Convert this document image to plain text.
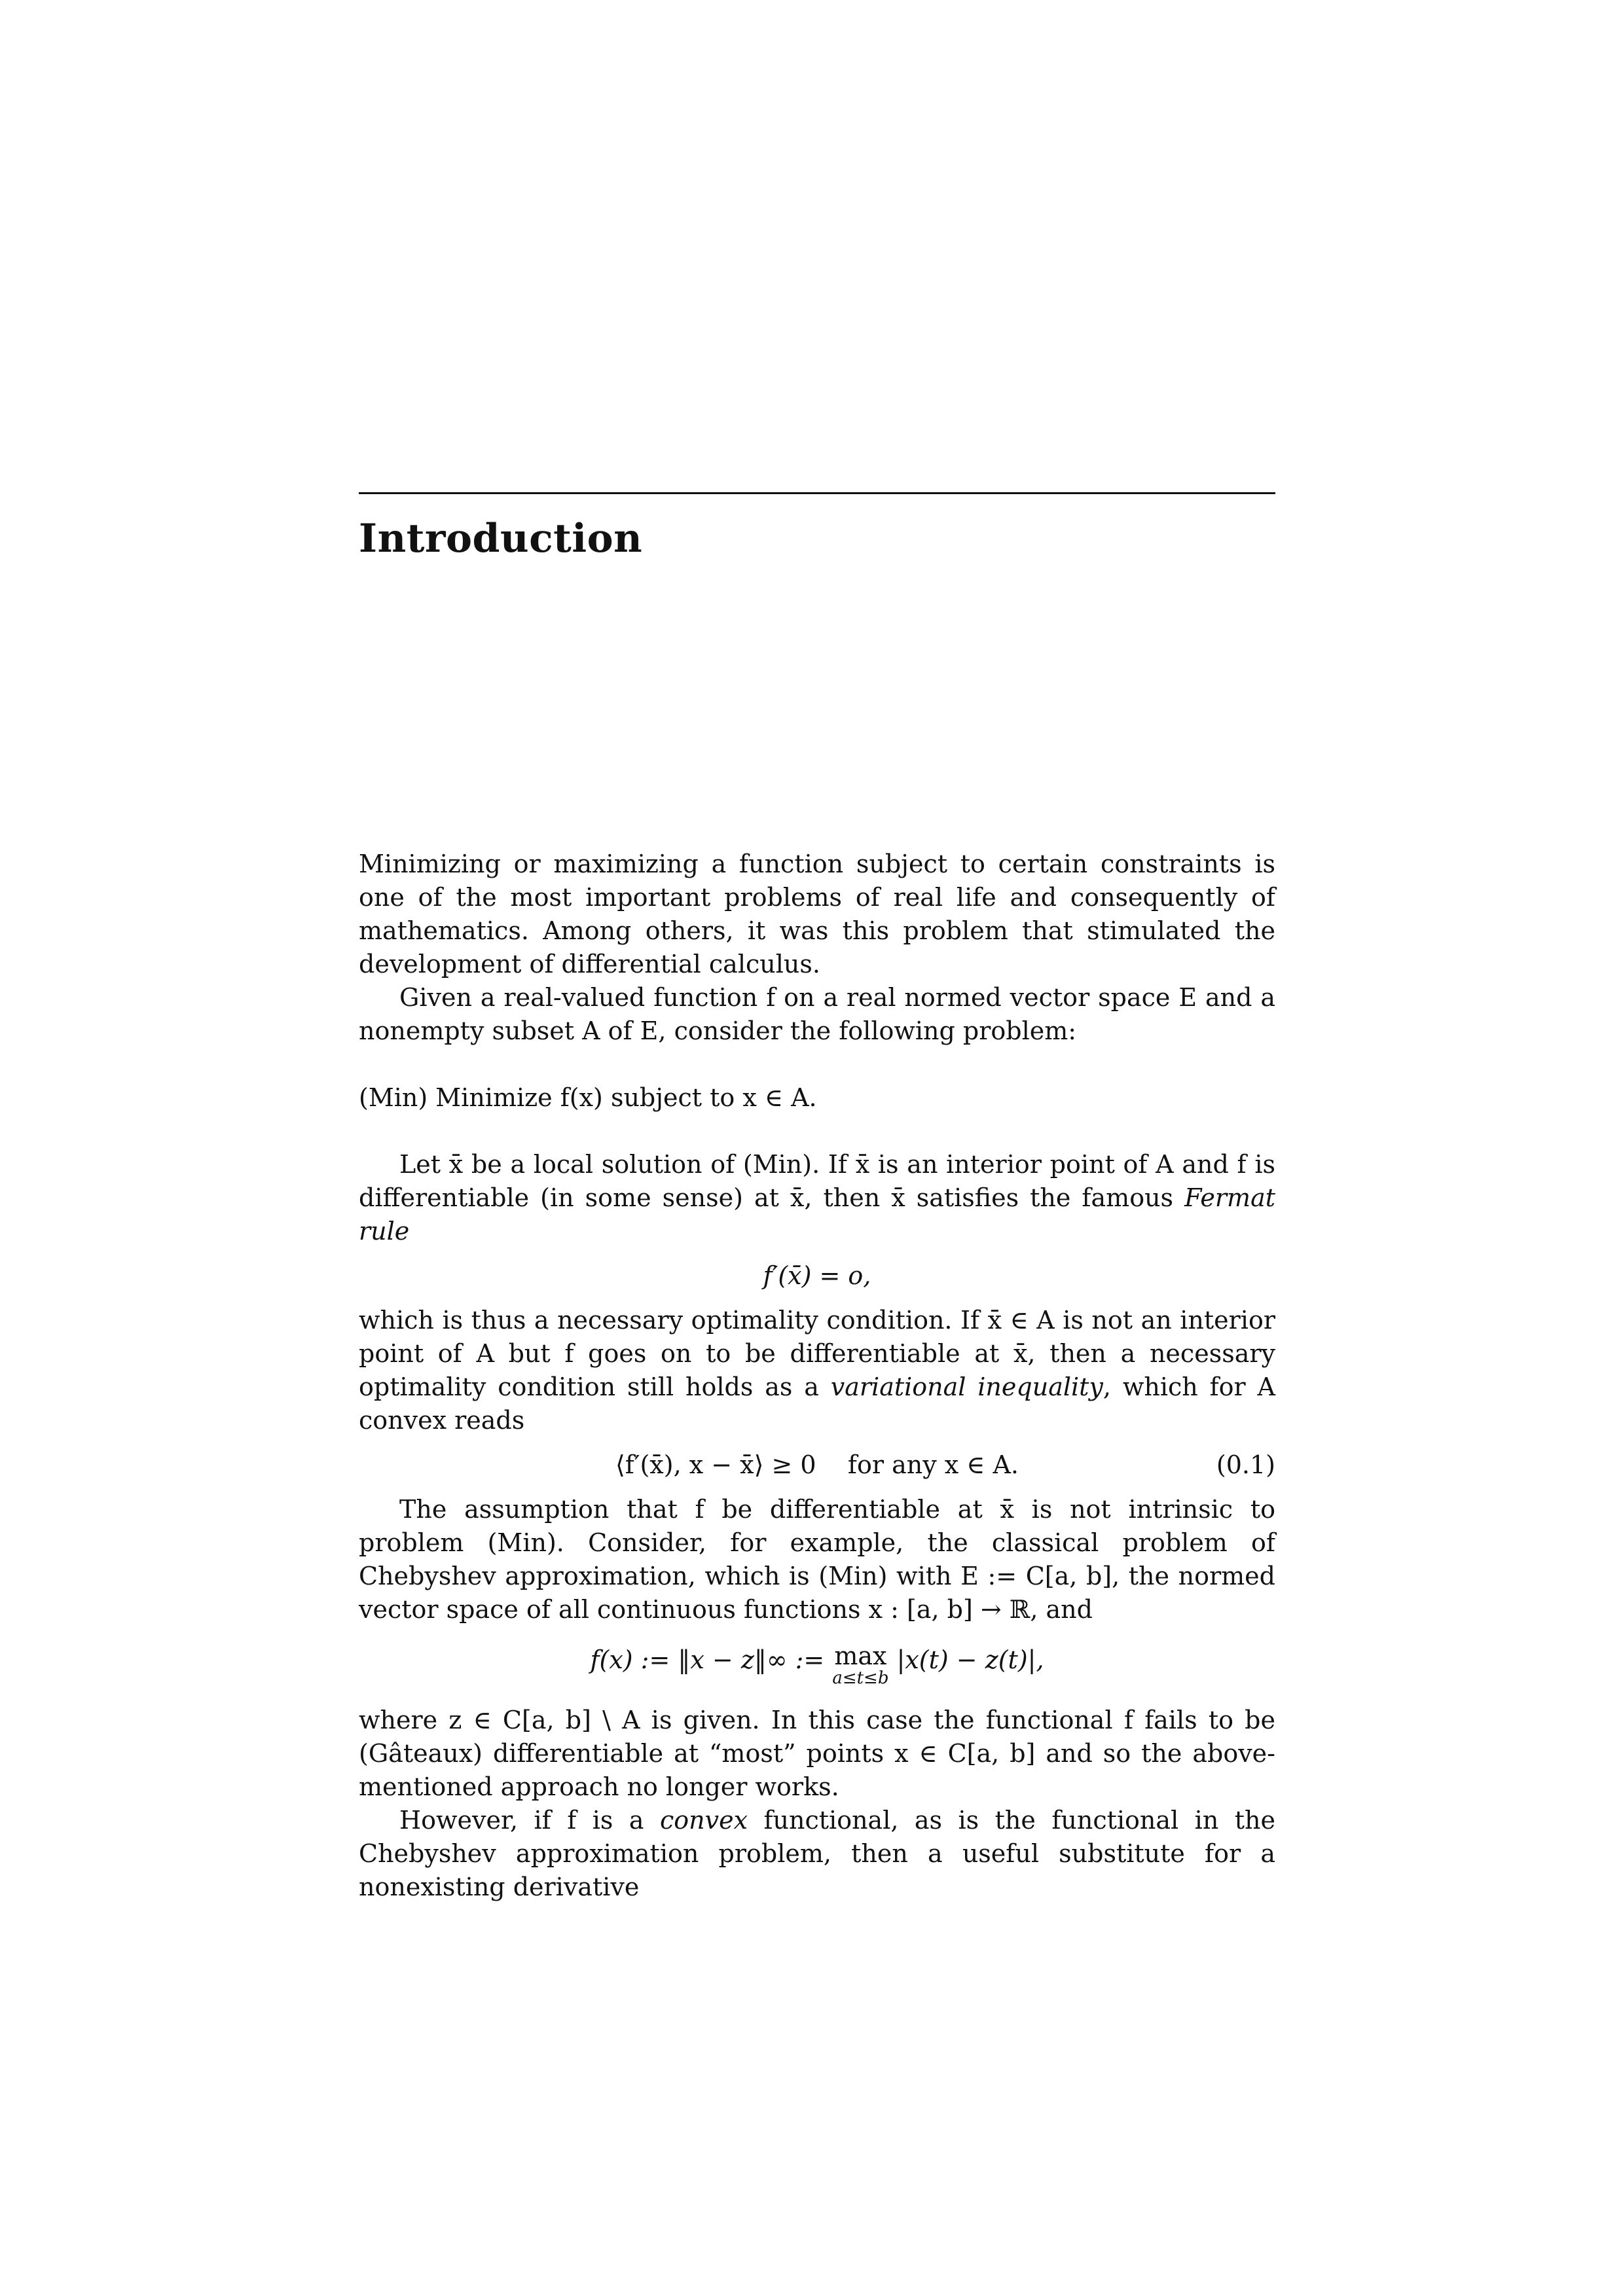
Introduction

Minimizing or maximizing a function subject to certain constraints is one of the most important problems of real life and consequently of mathematics. Among others, it was this problem that stimulated the development of differential calculus.

Given a real-valued function f on a real normed vector space E and a nonempty subset A of E, consider the following problem:

(Min) Minimize f(x) subject to x ∈ A.

Let x̄ be a local solution of (Min). If x̄ is an interior point of A and f is differentiable (in some sense) at x̄, then x̄ satisfies the famous Fermat rule

f′(x̄) = o,

which is thus a necessary optimality condition. If x̄ ∈ A is not an interior point of A but f goes on to be differentiable at x̄, then a necessary optimality condition still holds as a variational inequality, which for A convex reads

⟨f′(x̄), x − x̄⟩ ≥ 0    for any x ∈ A.	(0.1)

The assumption that f be differentiable at x̄ is not intrinsic to problem (Min). Consider, for example, the classical problem of Chebyshev approximation, which is (Min) with E := C[a, b], the normed vector space of all continuous functions x : [a, b] → ℝ, and

f(x) := ‖x − z‖∞ := max
a≤t≤b
|x(t) − z(t)|,

where z ∈ C[a, b] \ A is given. In this case the functional f fails to be (Gâteaux) differentiable at “most” points x ∈ C[a, b] and so the above-mentioned approach no longer works.

However, if f is a convex functional, as is the functional in the Chebyshev approximation problem, then a useful substitute for a nonexisting derivative
